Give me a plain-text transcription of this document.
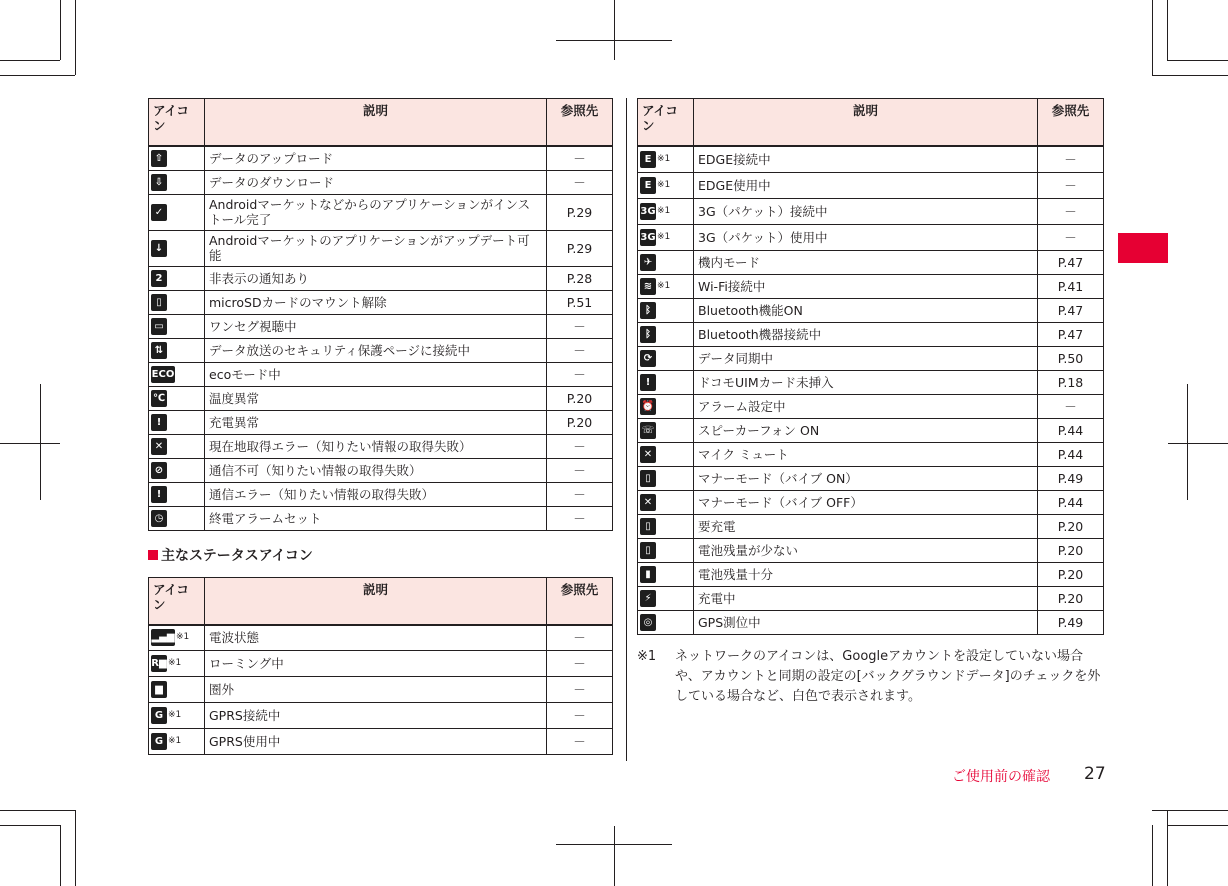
アイコン	説明	参照先

⇧	データのアップロード	－

⇩	データのダウンロード	－

✓	Androidマーケットなどからのアプリケーションがインストール完了	P.29

↓	Androidマーケットのアプリケーションがアップデート可能	P.29

2	非表示の通知あり	P.28

▯	microSDカードのマウント解除	P.51

▭	ワンセグ視聴中	－

⇅	データ放送のセキュリティ保護ページに接続中	－

ECO	ecoモード中	－

℃	温度異常	P.20

!	充電異常	P.20

✕	現在地取得エラー（知りたい情報の取得失敗）	－

⊘	通信不可（知りたい情報の取得失敗）	－

!	通信エラー（知りたい情報の取得失敗）	－

◷	終電アラームセット	－
主なステータスアイコン
アイコン	説明	参照先

▂▄▆ ※1	電波状態	－

R▆ ※1	ローミング中	－

▆	圏外	－

G ※1	GPRS接続中	－

G ※1	GPRS使用中	－
アイコン	説明	参照先

E ※1	EDGE接続中	－

E ※1	EDGE使用中	－

3G ※1	3G（パケット）接続中	－

3G ※1	3G（パケット）使用中	－

✈	機内モード	P.47

≋ ※1	Wi-Fi接続中	P.41

ᛒ	Bluetooth機能ON	P.47

ᛒ	Bluetooth機器接続中	P.47

⟳	データ同期中	P.50

!	ドコモUIMカード未挿入	P.18

⏰	アラーム設定中	－

☏	スピーカーフォン ON	P.44

✕	マイク ミュート	P.44

▯	マナーモード（バイブ ON）	P.49

✕	マナーモード（バイブ OFF）	P.44

▯	要充電	P.20

▯	電池残量が少ない	P.20

▮	電池残量十分	P.20

⚡	充電中	P.20

◎	GPS測位中	P.49
※1 ネットワークのアイコンは、Googleアカウントを設定していない場合や、アカウントと同期の設定の[バックグラウンドデータ]のチェックを外している場合など、白色で表示されます。
ご使用前の確認 27
